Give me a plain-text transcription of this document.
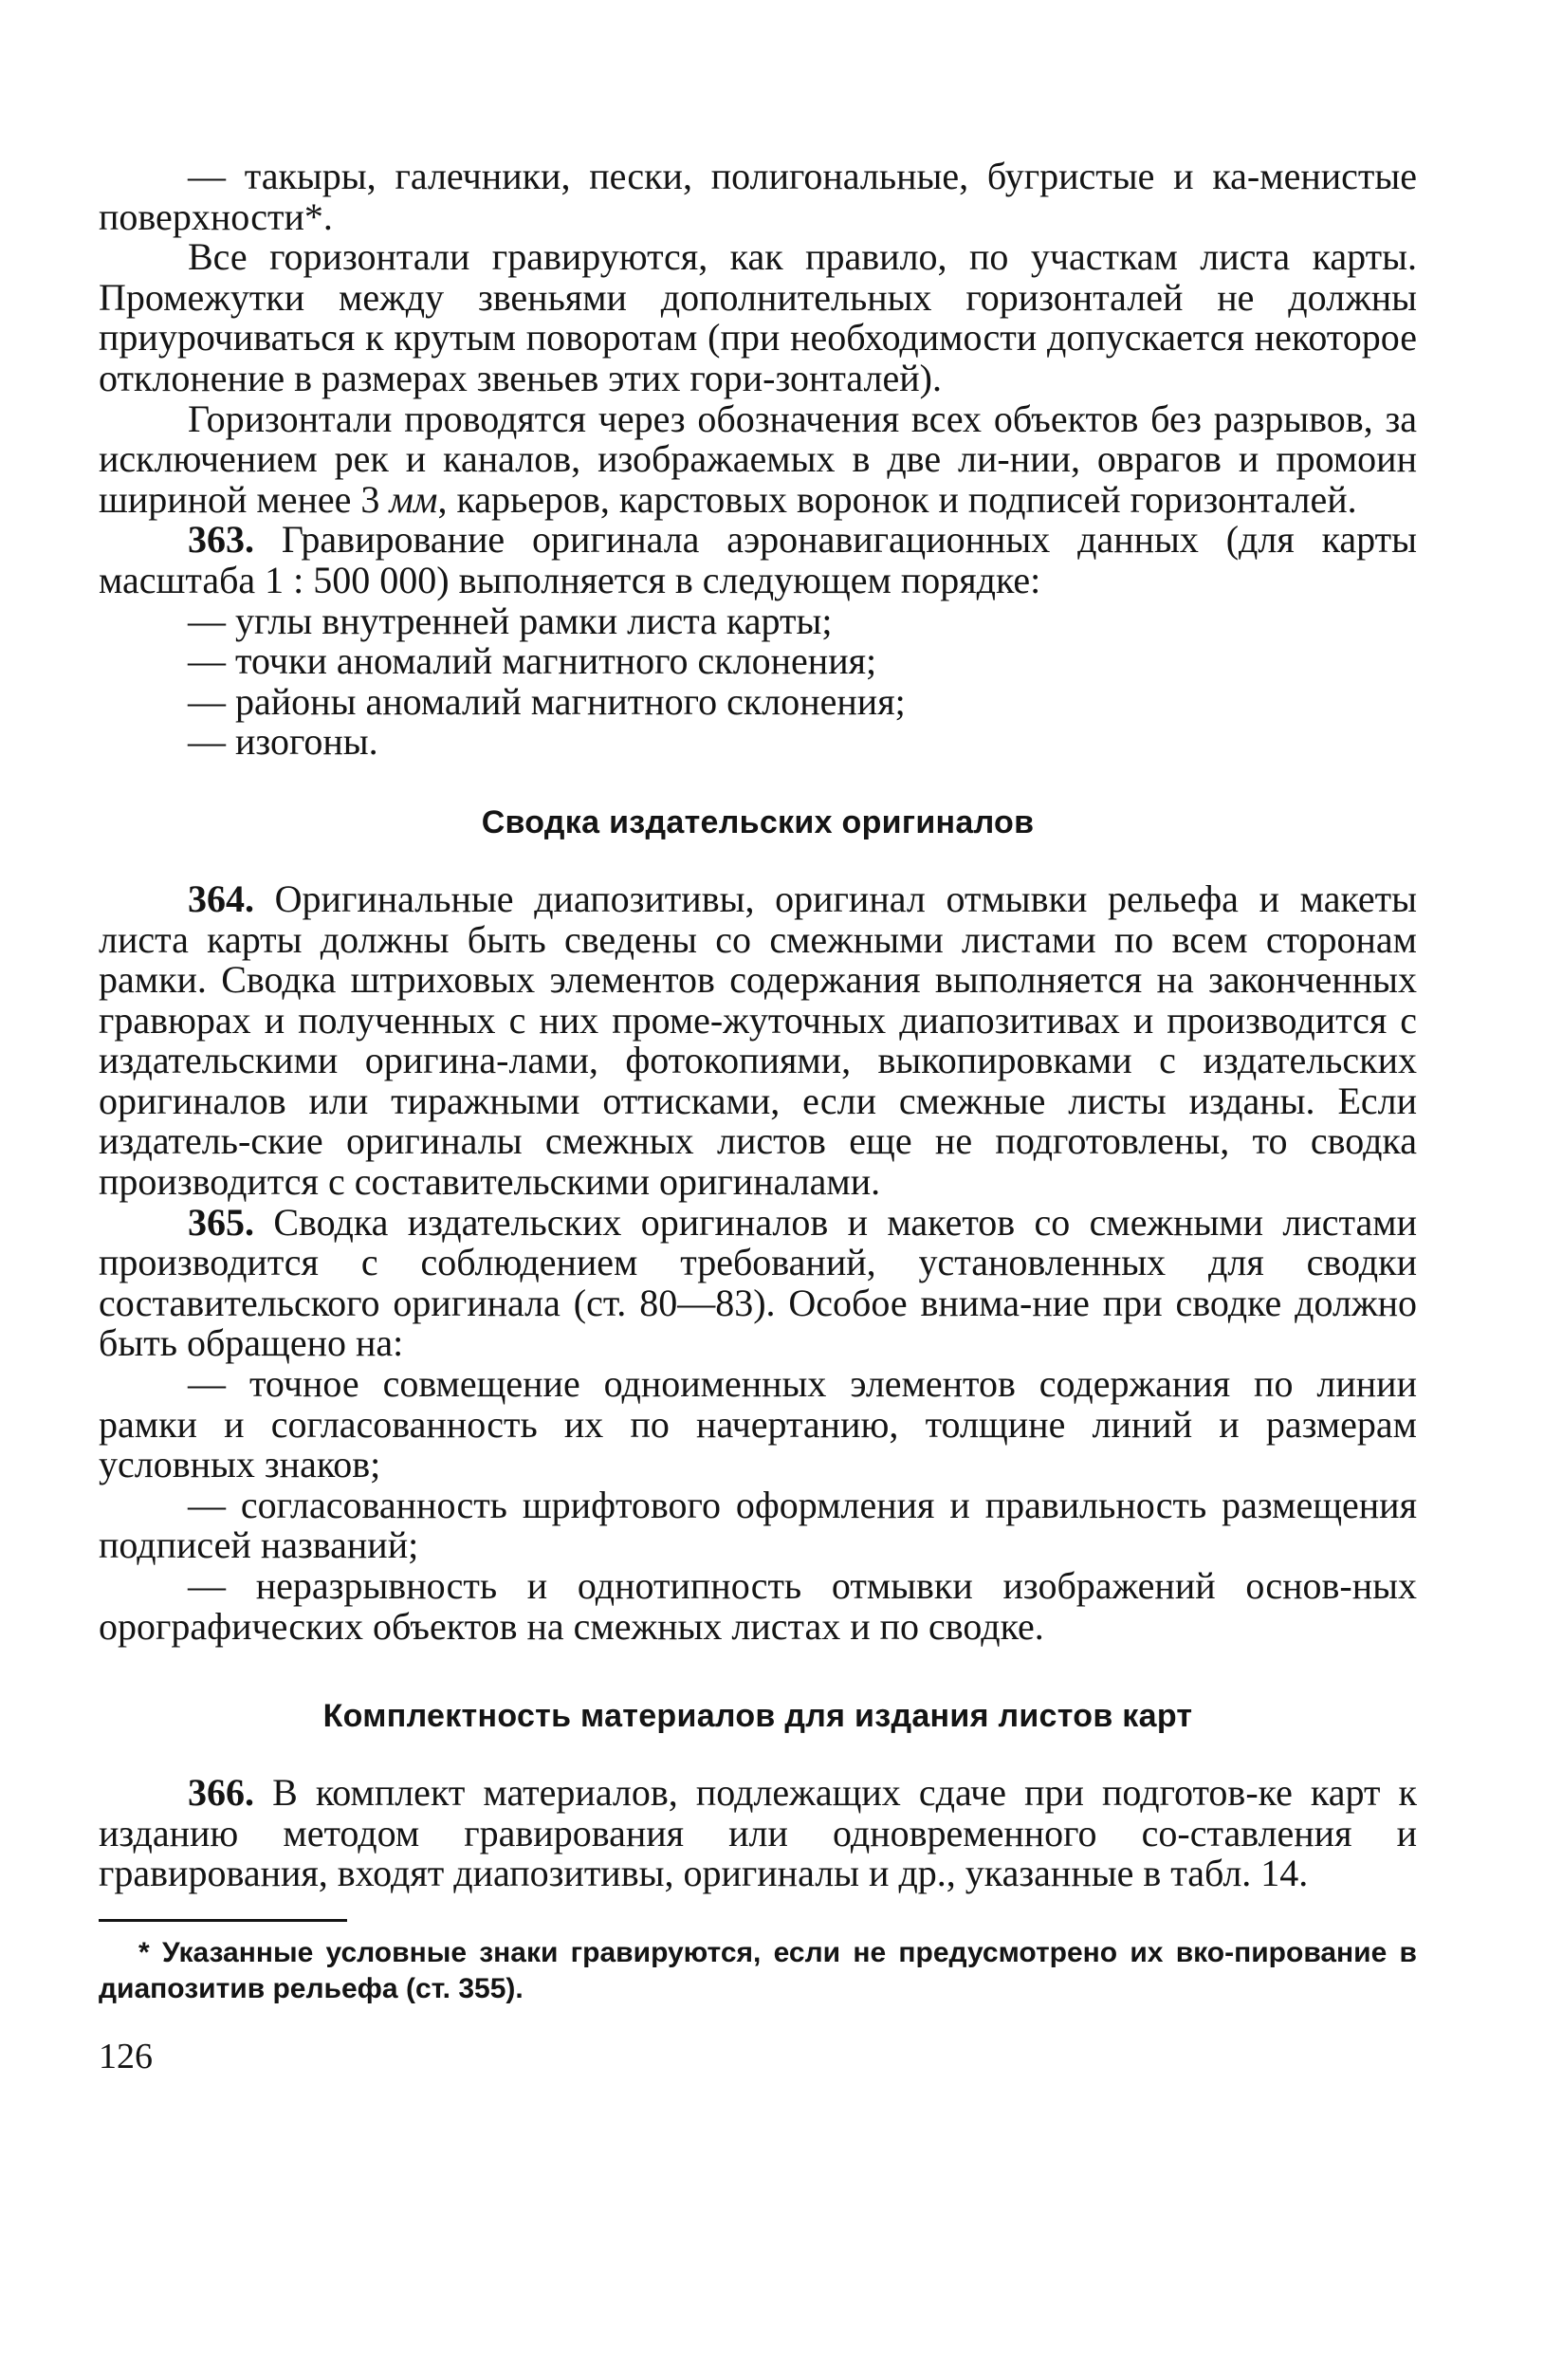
— такыры, галечники, пески, полигональные, бугристые и ка-менистые поверхности*.

Все горизонтали гравируются, как правило, по участкам листа карты. Промежутки между звеньями дополнительных горизонталей не должны приурочиваться к крутым поворотам (при необходимости допускается некоторое отклонение в размерах звеньев этих гори-зонталей).

Горизонтали проводятся через обозначения всех объектов без разрывов, за исключением рек и каналов, изображаемых в две ли-нии, оврагов и промоин шириной менее 3 мм, карьеров, карстовых воронок и подписей горизонталей.

363. Гравирование оригинала аэронавигационных данных (для карты масштаба 1 : 500 000) выполняется в следующем порядке:

— углы внутренней рамки листа карты;

— точки аномалий магнитного склонения;

— районы аномалий магнитного склонения;

— изогоны.

Сводка издательских оригиналов

364. Оригинальные диапозитивы, оригинал отмывки рельефа и макеты листа карты должны быть сведены со смежными листами по всем сторонам рамки. Сводка штриховых элементов содержания выполняется на законченных гравюрах и полученных с них проме-жуточных диапозитивах и производится с издательскими оригина-лами, фотокопиями, выкопировками с издательских оригиналов или тиражными оттисками, если смежные листы изданы. Если издатель-ские оригиналы смежных листов еще не подготовлены, то сводка производится с составительскими оригиналами.

365. Сводка издательских оригиналов и макетов со смежными листами производится с соблюдением требований, установленных для сводки составительского оригинала (ст. 80—83). Особое внима-ние при сводке должно быть обращено на:

— точное совмещение одноименных элементов содержания по линии рамки и согласованность их по начертанию, толщине линий и размерам условных знаков;

— согласованность шрифтового оформления и правильность размещения подписей названий;

— неразрывность и однотипность отмывки изображений основ-ных орографических объектов на смежных листах и по сводке.

Комплектность материалов для издания листов карт

366. В комплект материалов, подлежащих сдаче при подготов-ке карт к изданию методом гравирования или одновременного со-ставления и гравирования, входят диапозитивы, оригиналы и др., указанные в табл. 14.

* Указанные условные знаки гравируются, если не предусмотрено их вко-пирование в диапозитив рельефа (ст. 355).

126
